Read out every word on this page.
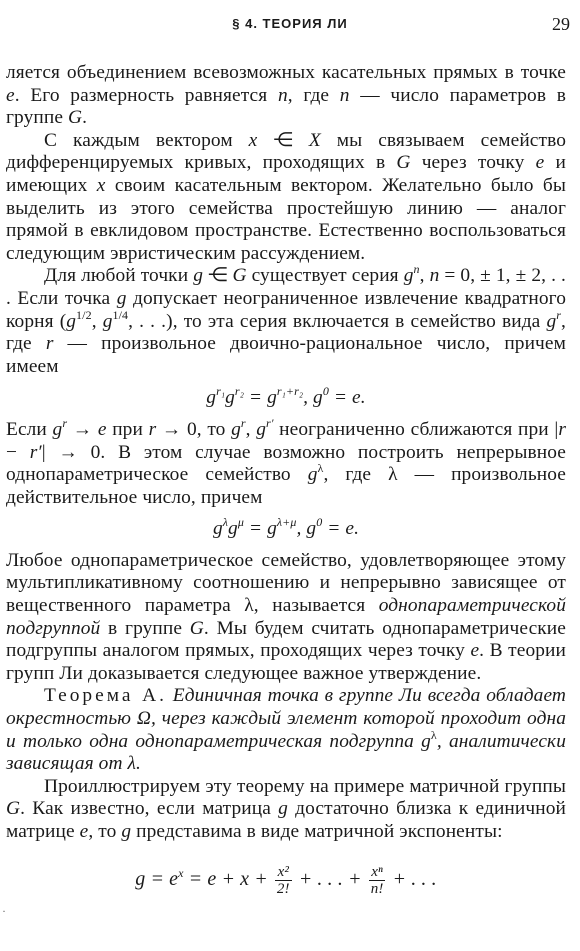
§ 4. ТЕОРИЯ ЛИ	29

ляется объединением всевозможных касательных прямых в точке e. Его размерность равняется n, где n — число параметров в группе G.

С каждым вектором x ⋲ X мы связываем семейство дифференцируемых кривых, проходящих в G через точку e и имеющих x своим касательным вектором. Желательно было бы выделить из этого семейства простейшую линию — аналог прямой в евклидовом пространстве. Естественно воспользоваться следующим эвристическим рассуждением.

Для любой точки g ⋲ G существует серия $g^n$, n = 0, ± 1, ± 2, . . . Если точка g допускает неограниченное извлечение квадратного корня ($g^{1/2}$, $g^{1/4}$, . . .), то эта серия включается в семейство вида $g^r$, где r — произвольное двоично-рациональное число, причем имеем

$g^{r_1}g^{r_2} = g^{r_1+r_2}$, $g^0 = e$.

Если $g^r \to e$ при r → 0, то $g^r$, $g^{r'}$ неограниченно сближаются при |r − r′| → 0. В этом случае возможно построить непрерывное однопараметрическое семейство $g^\lambda$, где λ — произвольное действительное число, причем

$g^\lambda g^\mu = g^{\lambda+\mu}$, $g^0 = e$.

Любое однопараметрическое семейство, удовлетворяющее этому мультипликативному соотношению и непрерывно зависящее от вещественного параметра λ, называется однопараметрической подгруппой в группе G. Мы будем считать однопараметрические подгруппы аналогом прямых, проходящих через точку e. В теории групп Ли доказывается следующее важное утверждение.

Теорема А. Единичная точка в группе Ли всегда обладает окрестностью Ω, через каждый элемент которой проходит одна и только одна однопараметрическая подгруппа $g^\lambda$, аналитически зависящая от λ.

Проиллюстрируем эту теорему на примере матричной группы G. Как известно, если матрица g достаточно близка к единичной матрице e, то g представима в виде матричной экспоненты:

$g = e^x = e + x + \frac{\text{x²}}{2!}$ + . . . + $\frac{\text{xⁿ}}{n!}$ + . . .
·
